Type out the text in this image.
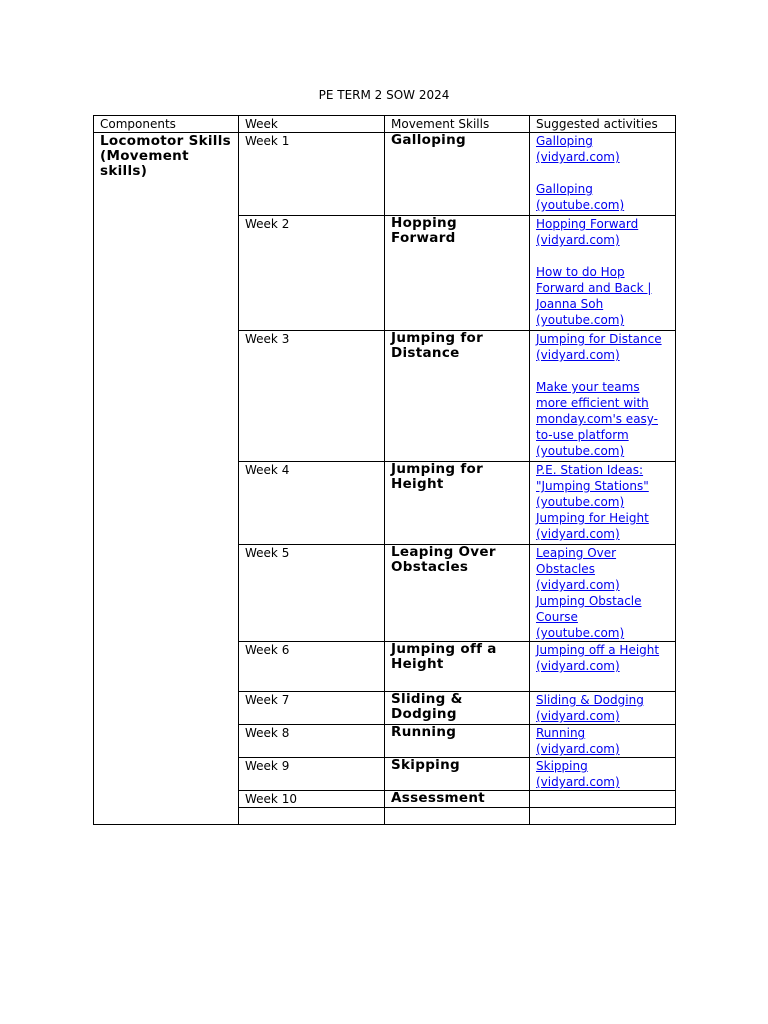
PE TERM 2 SOW 2024
Components	Week	Movement Skills	Suggested activities

Locomotor Skills (Movement skills)	Week 1	Galloping	Galloping (vidyard.com)
Galloping (youtube.com)

	Week 2	Hopping Forward	Hopping Forward (vidyard.com)
How to do Hop Forward and Back | Joanna Soh (youtube.com)

	Week 3	Jumping for Distance	Jumping for Distance (vidyard.com)
Make your teams more efficient with monday.com's easy-to-use platform (youtube.com)

	Week 4	Jumping for Height	P.E. Station Ideas: "Jumping Stations" (youtube.com)
Jumping for Height (vidyard.com)

	Week 5	Leaping Over Obstacles	Leaping Over Obstacles (vidyard.com)
Jumping Obstacle Course (youtube.com)

	Week 6	Jumping off a Height	Jumping off a Height (vidyard.com)

	Week 7	Sliding & Dodging	Sliding & Dodging (vidyard.com)

	Week 8	Running	Running (vidyard.com)

	Week 9	Skipping	Skipping (vidyard.com)

	Week 10	Assessment	
